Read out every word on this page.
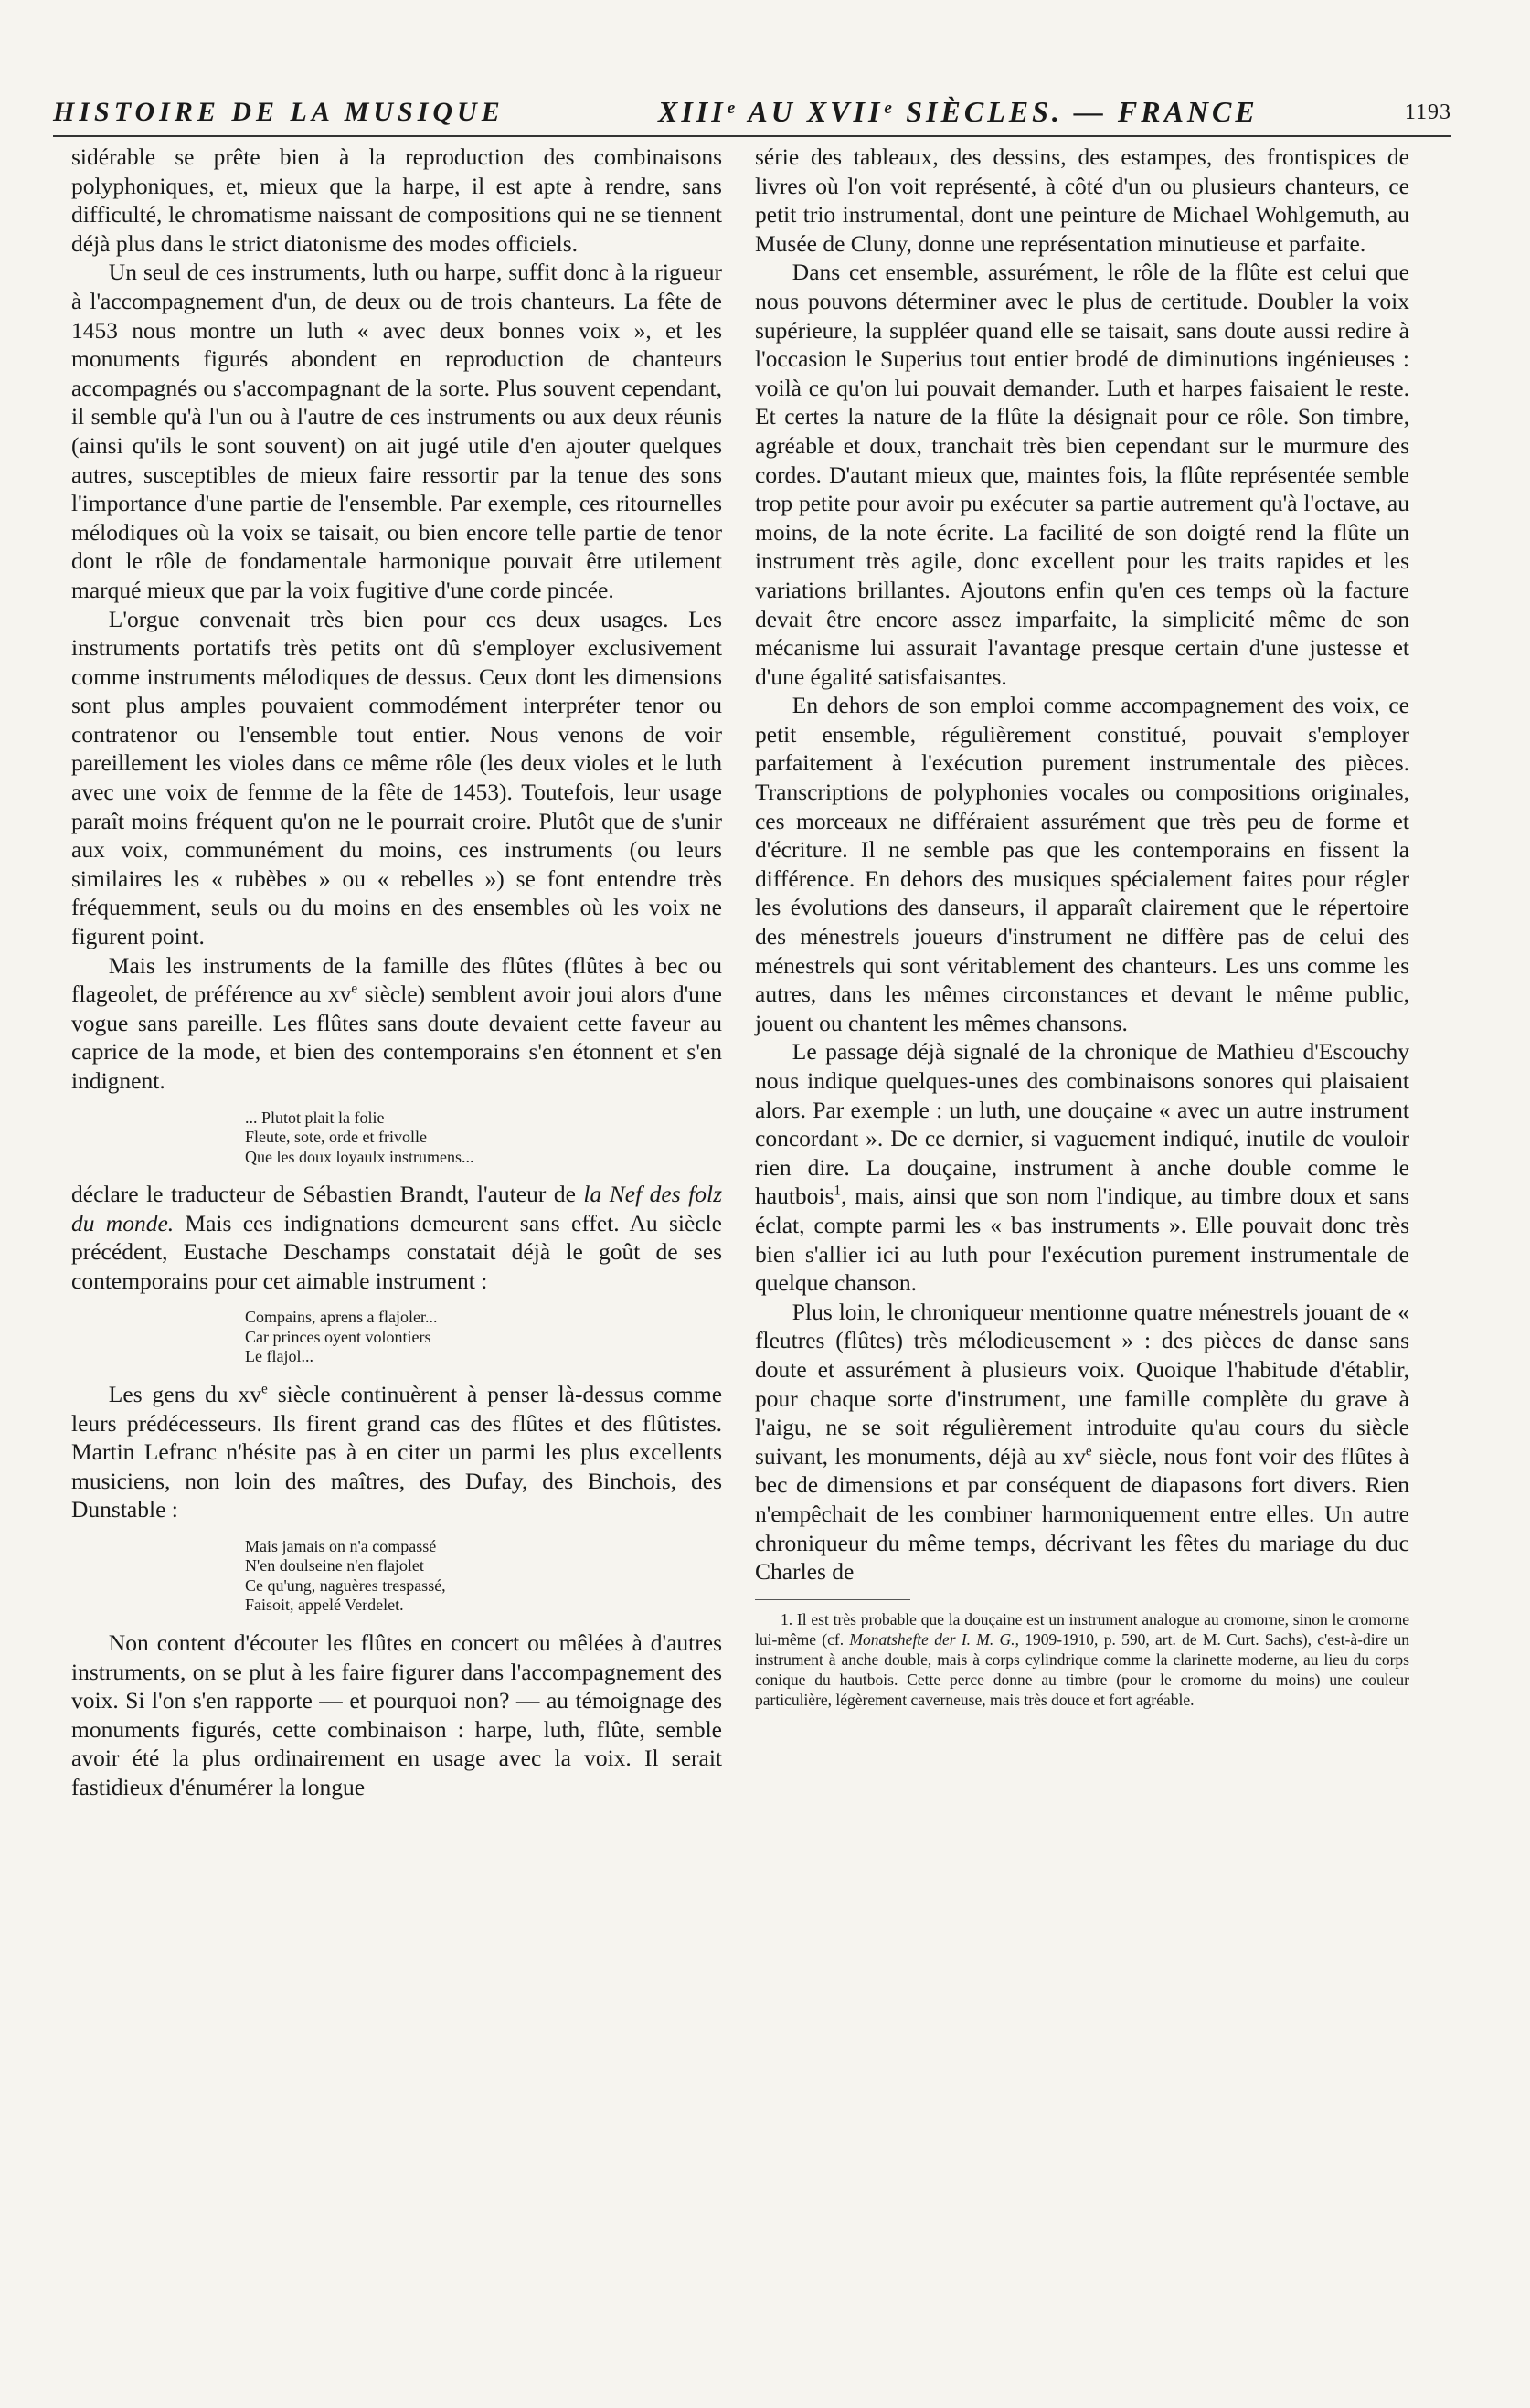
HISTOIRE DE LA MUSIQUE	XIIIᵉ AU XVIIᵉ SIÈCLES. — FRANCE	1193

sidérable se prête bien à la reproduction des combinaisons polyphoniques, et, mieux que la harpe, il est apte à rendre, sans difficulté, le chromatisme naissant de compositions qui ne se tiennent déjà plus dans le strict diatonisme des modes officiels.

Un seul de ces instruments, luth ou harpe, suffit donc à la rigueur à l'accompagnement d'un, de deux ou de trois chanteurs. La fête de 1453 nous montre un luth « avec deux bonnes voix », et les monuments figurés abondent en reproduction de chanteurs accompagnés ou s'accompagnant de la sorte. Plus souvent cependant, il semble qu'à l'un ou à l'autre de ces instruments ou aux deux réunis (ainsi qu'ils le sont souvent) on ait jugé utile d'en ajouter quelques autres, susceptibles de mieux faire ressortir par la tenue des sons l'importance d'une partie de l'ensemble. Par exemple, ces ritournelles mélodiques où la voix se taisait, ou bien encore telle partie de tenor dont le rôle de fondamentale harmonique pouvait être utilement marqué mieux que par la voix fugitive d'une corde pincée.

L'orgue convenait très bien pour ces deux usages. Les instruments portatifs très petits ont dû s'employer exclusivement comme instruments mélodiques de dessus. Ceux dont les dimensions sont plus amples pouvaient commodément interpréter tenor ou contratenor ou l'ensemble tout entier. Nous venons de voir pareillement les violes dans ce même rôle (les deux violes et le luth avec une voix de femme de la fête de 1453). Toutefois, leur usage paraît moins fréquent qu'on ne le pourrait croire. Plutôt que de s'unir aux voix, communément du moins, ces instruments (ou leurs similaires les « rubèbes » ou « rebelles ») se font entendre très fréquemment, seuls ou du moins en des ensembles où les voix ne figurent point.

Mais les instruments de la famille des flûtes (flûtes à bec ou flageolet, de préférence au $xv^e$ siècle) semblent avoir joui alors d'une vogue sans pareille. Les flûtes sans doute devaient cette faveur au caprice de la mode, et bien des contemporains s'en étonnent et s'en indignent.

... Plutot plait la folie
Fleute, sote, orde et frivolle
Que les doux loyaulx instrumens...

déclare le traducteur de Sébastien Brandt, l'auteur de la Nef des folz du monde. Mais ces indignations demeurent sans effet. Au siècle précédent, Eustache Deschamps constatait déjà le goût de ses contemporains pour cet aimable instrument :

Compains, aprens a flajoler...
Car princes oyent volontiers
Le flajol...

Les gens du $xv^e$ siècle continuèrent à penser là-dessus comme leurs prédécesseurs. Ils firent grand cas des flûtes et des flûtistes. Martin Lefranc n'hésite pas à en citer un parmi les plus excellents musiciens, non loin des maîtres, des Dufay, des Binchois, des Dunstable :

Mais jamais on n'a compassé
N'en doulseine n'en flajolet
Ce qu'ung, naguères trespassé,
Faisoit, appelé Verdelet.

Non content d'écouter les flûtes en concert ou mêlées à d'autres instruments, on se plut à les faire figurer dans l'accompagnement des voix. Si l'on s'en rapporte — et pourquoi non? — au témoignage des monuments figurés, cette combinaison : harpe, luth, flûte, semble avoir été la plus ordinairement en usage avec la voix. Il serait fastidieux d'énumérer la longue

série des tableaux, des dessins, des estampes, des frontispices de livres où l'on voit représenté, à côté d'un ou plusieurs chanteurs, ce petit trio instrumental, dont une peinture de Michael Wohlgemuth, au Musée de Cluny, donne une représentation minutieuse et parfaite.

Dans cet ensemble, assurément, le rôle de la flûte est celui que nous pouvons déterminer avec le plus de certitude. Doubler la voix supérieure, la suppléer quand elle se taisait, sans doute aussi redire à l'occasion le Superius tout entier brodé de diminutions ingénieuses : voilà ce qu'on lui pouvait demander. Luth et harpes faisaient le reste. Et certes la nature de la flûte la désignait pour ce rôle. Son timbre, agréable et doux, tranchait très bien cependant sur le murmure des cordes. D'autant mieux que, maintes fois, la flûte représentée semble trop petite pour avoir pu exécuter sa partie autrement qu'à l'octave, au moins, de la note écrite. La facilité de son doigté rend la flûte un instrument très agile, donc excellent pour les traits rapides et les variations brillantes. Ajoutons enfin qu'en ces temps où la facture devait être encore assez imparfaite, la simplicité même de son mécanisme lui assurait l'avantage presque certain d'une justesse et d'une égalité satisfaisantes.

En dehors de son emploi comme accompagnement des voix, ce petit ensemble, régulièrement constitué, pouvait s'employer parfaitement à l'exécution purement instrumentale des pièces. Transcriptions de polyphonies vocales ou compositions originales, ces morceaux ne différaient assurément que très peu de forme et d'écriture. Il ne semble pas que les contemporains en fissent la différence. En dehors des musiques spécialement faites pour régler les évolutions des danseurs, il apparaît clairement que le répertoire des ménestrels joueurs d'instrument ne diffère pas de celui des ménestrels qui sont véritablement des chanteurs. Les uns comme les autres, dans les mêmes circonstances et devant le même public, jouent ou chantent les mêmes chansons.

Le passage déjà signalé de la chronique de Mathieu d'Escouchy nous indique quelques-unes des combinaisons sonores qui plaisaient alors. Par exemple : un luth, une douçaine « avec un autre instrument concordant ». De ce dernier, si vaguement indiqué, inutile de vouloir rien dire. La douçaine, instrument à anche double comme le hautbois$^1$, mais, ainsi que son nom l'indique, au timbre doux et sans éclat, compte parmi les « bas instruments ». Elle pouvait donc très bien s'allier ici au luth pour l'exécution purement instrumentale de quelque chanson.

Plus loin, le chroniqueur mentionne quatre ménestrels jouant de « fleutres (flûtes) très mélodieusement » : des pièces de danse sans doute et assurément à plusieurs voix. Quoique l'habitude d'établir, pour chaque sorte d'instrument, une famille complète du grave à l'aigu, ne se soit régulièrement introduite qu'au cours du siècle suivant, les monuments, déjà au $xv^e$ siècle, nous font voir des flûtes à bec de dimensions et par conséquent de diapasons fort divers. Rien n'empêchait de les combiner harmoniquement entre elles. Un autre chroniqueur du même temps, décrivant les fêtes du mariage du duc Charles de

1. Il est très probable que la douçaine est un instrument analogue au cromorne, sinon le cromorne lui-même (cf. Monatshefte der I. M. G., 1909-1910, p. 590, art. de M. Curt. Sachs), c'est-à-dire un instrument à anche double, mais à corps cylindrique comme la clarinette moderne, au lieu du corps conique du hautbois. Cette perce donne au timbre (pour le cromorne du moins) une couleur particulière, légèrement caverneuse, mais très douce et fort agréable.
